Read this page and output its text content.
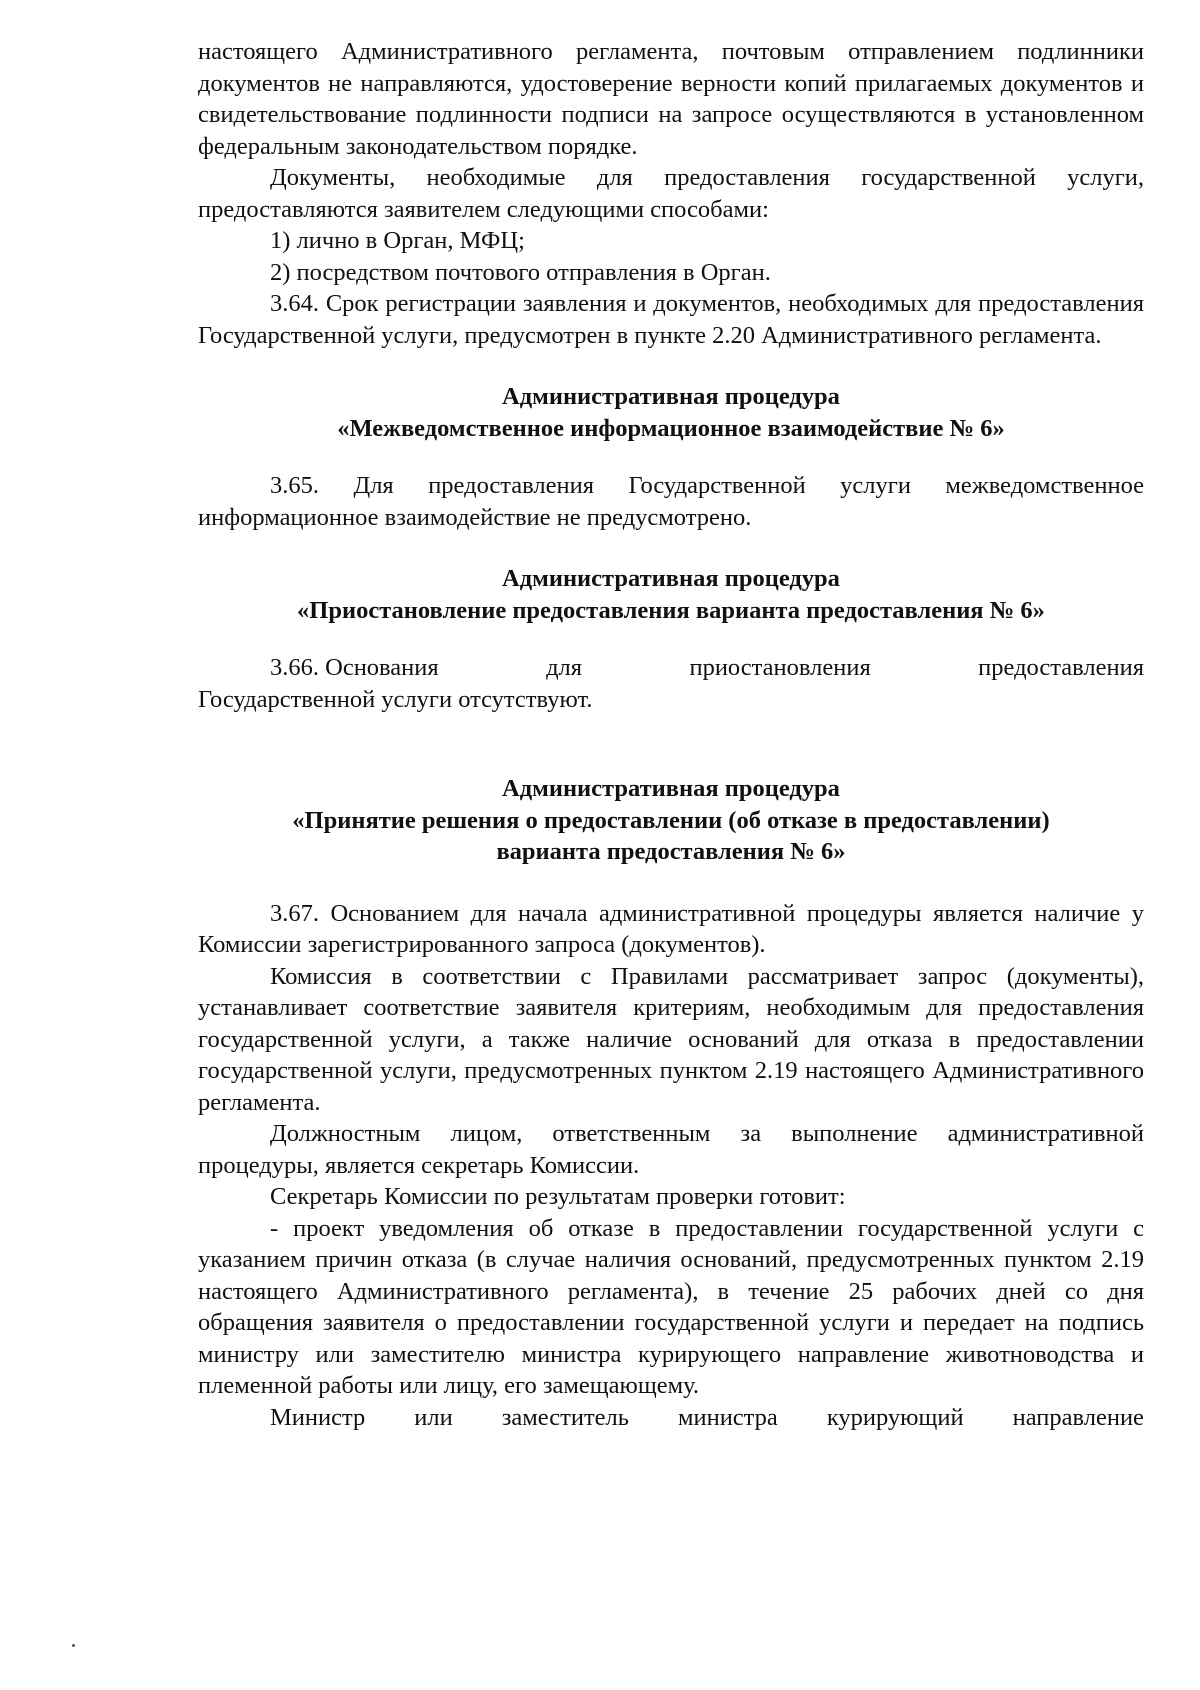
настоящего Административного регламента, почтовым отправлением подлинники документов не направляются, удостоверение верности копий прилагаемых документов и свидетельствование подлинности подписи на запросе осуществляются в установленном федеральным законодательством порядке.

Документы, необходимые для предоставления государственной услуги, предоставляются заявителем следующими способами:

1) лично в Орган, МФЦ;

2) посредством почтового отправления в Орган.

3.64. Срок регистрации заявления и документов, необходимых для предоставления Государственной услуги, предусмотрен в пункте 2.20 Административного регламента.

Административная процедура
«Межведомственное информационное взаимодействие № 6»

3.65. Для предоставления Государственной услуги межведомственное информационное взаимодействие не предусмотрено.

Административная процедура
«Приостановление предоставления варианта предоставления № 6»
3.66. Основания	для	приостановления	предоставления

Государственной услуги отсутствуют.

Административная процедура
«Принятие решения о предоставлении (об отказе в предоставлении)
варианта предоставления № 6»

3.67. Основанием для начала административной процедуры является наличие у Комиссии зарегистрированного запроса (документов).

Комиссия в соответствии с Правилами рассматривает запрос (документы), устанавливает соответствие заявителя критериям, необходимым для предоставления государственной услуги, а также наличие оснований для отказа в предоставлении государственной услуги, предусмотренных пунктом 2.19 настоящего Административного регламента.

Должностным лицом, ответственным за выполнение административной процедуры, является секретарь Комиссии.

Секретарь Комиссии по результатам проверки готовит:

- проект уведомления об отказе в предоставлении государственной услуги с указанием причин отказа (в случае наличия оснований, предусмотренных пунктом 2.19 настоящего Административного регламента), в течение 25 рабочих дней со дня обращения заявителя о предоставлении государственной услуги и передает на подпись министру или заместителю министра курирующего направление животноводства и племенной работы или лицу, его замещающему.

Министр или заместитель министра курирующий направление
